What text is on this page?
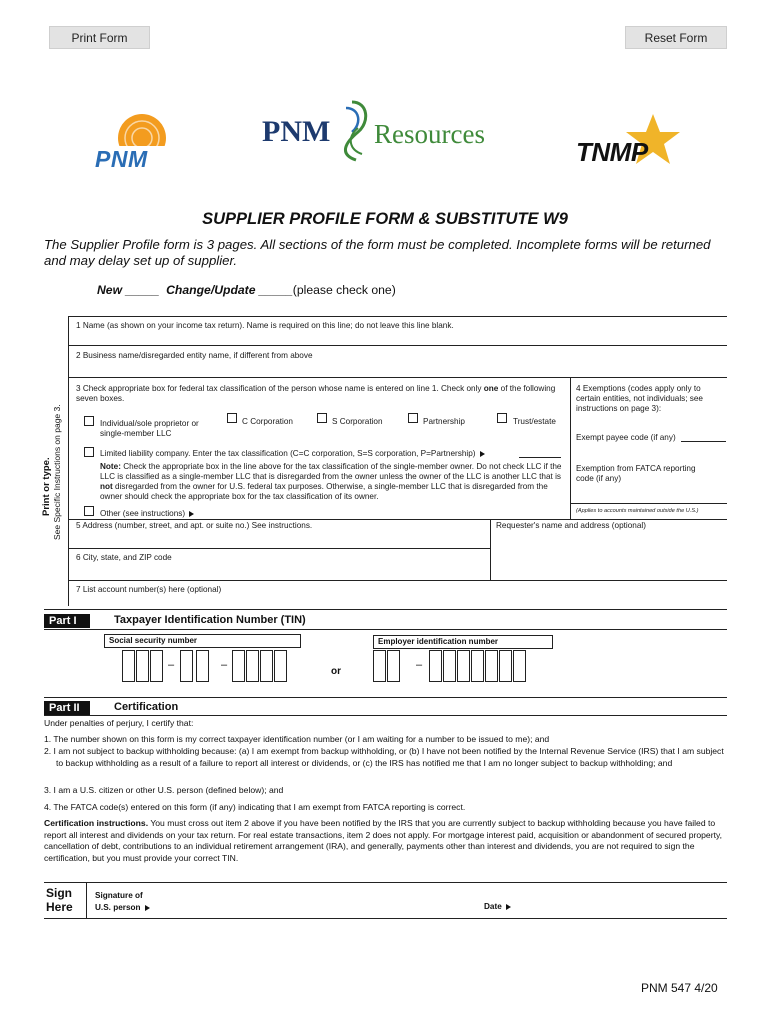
Print Form	Reset Form
PNM
PNM Resources
TNMP
SUPPLIER PROFILE FORM & SUBSTITUTE W9
The Supplier Profile form is 3 pages. All sections of the form must be completed. Incomplete forms will be returned and may delay set up of supplier.
New _____ Change/Update _____(please check one)
Print or type. See Specific Instructions on page 3.
1 Name (as shown on your income tax return). Name is required on this line; do not leave this line blank.
2 Business name/disregarded entity name, if different from above
3 Check appropriate box for federal tax classification of the person whose name is entered on line 1. Check only one of the following seven boxes.
Individual/sole proprietor or single-member LLC
C Corporation	S Corporation	Partnership	Trust/estate
Limited liability company. Enter the tax classification (C=C corporation, S=S corporation, P=Partnership)
Note: Check the appropriate box in the line above for the tax classification of the single-member owner. Do not check LLC if the LLC is classified as a single-member LLC that is disregarded from the owner unless the owner of the LLC is another LLC that is not disregarded from the owner for U.S. federal tax purposes. Otherwise, a single-member LLC that is disregarded from the owner should check the appropriate box for the tax classification of its owner.
Other (see instructions)
4 Exemptions (codes apply only to certain entities, not individuals; see instructions on page 3):
Exempt payee code (if any)
Exemption from FATCA reporting code (if any)
(Applies to accounts maintained outside the U.S.)
5 Address (number, street, and apt. or suite no.) See instructions.	Requester's name and address (optional)
6 City, state, and ZIP code
7 List account number(s) here (optional)
Part I	Taxpayer Identification Number (TIN)
Social security number	Employer identification number
–	–
or
–
Part II	Certification
Under penalties of perjury, I certify that:
1. The number shown on this form is my correct taxpayer identification number (or I am waiting for a number to be issued to me); and
2. I am not subject to backup withholding because: (a) I am exempt from backup withholding, or (b) I have not been notified by the Internal Revenue Service (IRS) that I am subject to backup withholding as a result of a failure to report all interest or dividends, or (c) the IRS has notified me that I am no longer subject to backup withholding; and
3. I am a U.S. citizen or other U.S. person (defined below); and
4. The FATCA code(s) entered on this form (if any) indicating that I am exempt from FATCA reporting is correct.
Certification instructions. You must cross out item 2 above if you have been notified by the IRS that you are currently subject to backup withholding because you have failed to report all interest and dividends on your tax return. For real estate transactions, item 2 does not apply. For mortgage interest paid, acquisition or abandonment of secured property, cancellation of debt, contributions to an individual retirement arrangement (IRA), and generally, payments other than interest and dividends, you are not required to sign the certification, but you must provide your correct TIN.
Sign
Here
Signature of
U.S. person	Date
PNM 547 4/20
